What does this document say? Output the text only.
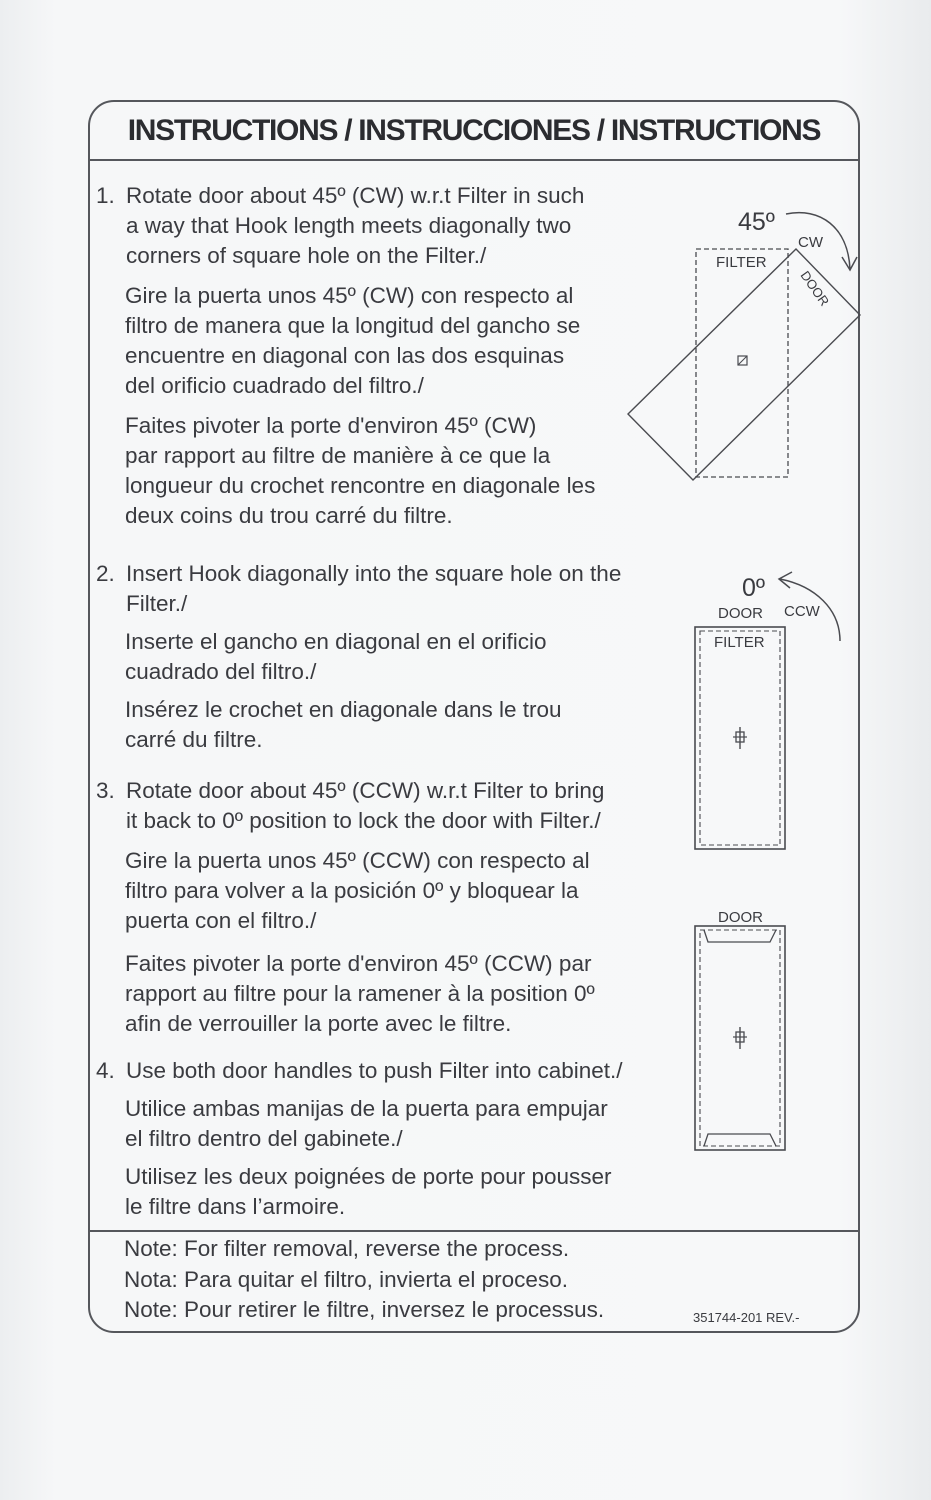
INSTRUCTIONS / INSTRUCCIONES / INSTRUCTIONS
1. Rotate door about 45º (CW) w.r.t Filter in such
a way that Hook length meets diagonally two
corners of square hole on the Filter./
Gire la puerta unos 45º (CW) con respecto al
filtro de manera que la longitud del gancho se
encuentre en diagonal con las dos esquinas
del orificio cuadrado del filtro./
Faites pivoter la porte d'environ 45º (CW)
par rapport au filtre de manière à ce que la
longueur du crochet rencontre en diagonale les
deux coins du trou carré du filtre.
2. Insert Hook diagonally into the square hole on the
Filter./
Inserte el gancho en diagonal en el orificio
cuadrado del filtro./
Insérez le crochet en diagonale dans le trou
carré du filtre.
3. Rotate door about 45º (CCW) w.r.t Filter to bring
it back to 0º position to lock the door with Filter./
Gire la puerta unos 45º (CCW) con respecto al
filtro para volver a la posición 0º y bloquear la
puerta con el filtro./
Faites pivoter la porte d'environ 45º (CCW) par
rapport au filtre pour la ramener à la position 0º
afin de verrouiller la porte avec le filtre.
4. Use both door handles to push Filter into cabinet./
Utilice ambas manijas de la puerta para empujar
el filtro dentro del gabinete./
Utilisez les deux poignées de porte pour pousser
le filtre dans l’armoire.
Note: For filter removal, reverse the process.
Nota: Para quitar el filtro, invierta el proceso.
Note: Pour retirer le filtre, inversez le processus.	351744-201 REV.-
45º
FILTER
CW
DOOR
0º
DOOR CCW
FILTER
DOOR
